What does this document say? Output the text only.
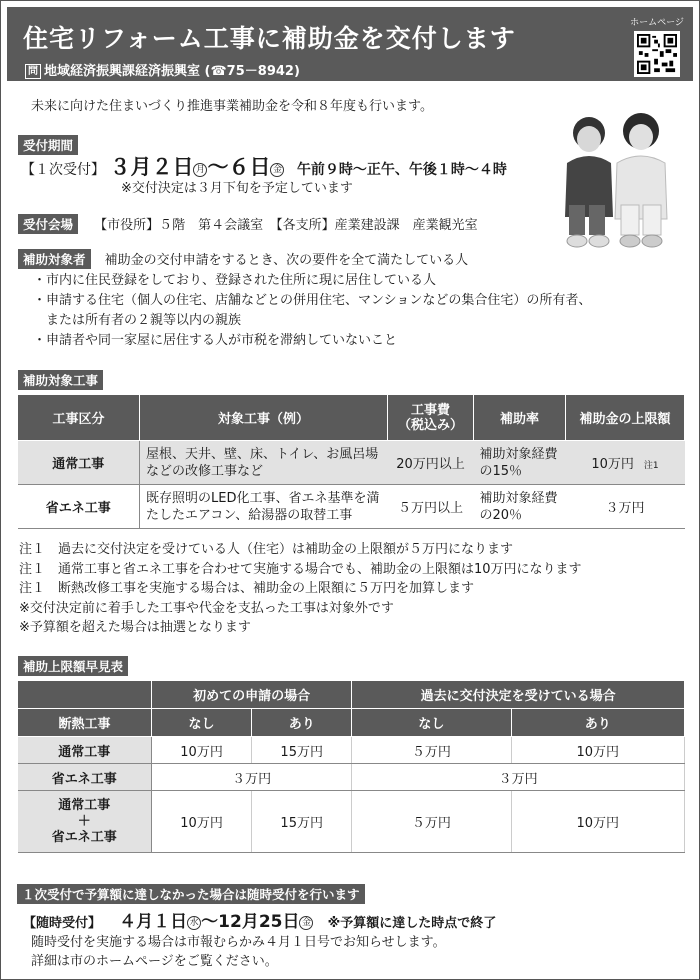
住宅リフォーム工事に補助金を交付します
問 地域経済振興課経済振興室 (☎75－8942)
ホームページ
未来に向けた住まいづくり推進事業補助金を令和８年度も行います。
受付期間
【１次受付】 ３月２日 月 ～６日 金 午前９時～正午、午後１時～４時
※交付決定は３月下旬を予定しています
受付会場 【市役所】５階　第４会議室　【各支所】産業建設課　産業観光室
補助対象者 補助金の交付申請をするとき、次の要件を全て満たしている人
・市内に住民登録をしており、登録された住所に現に居住している人
・申請する住宅（個人の住宅、店舗などとの併用住宅、マンションなどの集合住宅）の所有者、
　または所有者の２親等以内の親族
・申請者や同一家屋に居住する人が市税を滞納していないこと
補助対象工事
工事区分	対象工事（例）	工事費
（税込み）	補助率	補助金の上限額
通常工事	屋根、天井、壁、床、トイレ、お風呂場などの改修工事など	20万円以上	補助対象経費の15％	10万円 注1
省エネ工事	既存照明のLED化工事、省エネ基準を満たしたエアコン、給湯器の取替工事	５万円以上	補助対象経費の20％	３万円
注１　過去に交付決定を受けている人（住宅）は補助金の上限額が５万円になります
注１　通常工事と省エネ工事を合わせて実施する場合でも、補助金の上限額は10万円になります
注１　断熱改修工事を実施する場合は、補助金の上限額に５万円を加算します
※交付決定前に着手した工事や代金を支払った工事は対象外です
※予算額を超えた場合は抽選となります
補助上限額早見表
	初めての申請の場合		過去に交付決定を受けている場合	
断熱工事	なし	あり	なし	あり
通常工事	10万円	15万円	５万円	10万円
省エネ工事	３万円		３万円	

通常工事
＋
省エネ工事	10万円	15万円	５万円	10万円
１次受付で予算額に達しなかった場合は随時受付を行います
【随時受付】 ４月１日 水 ～12月25日 金 ※予算額に達した時点で終了
随時受付を実施する場合は市報むらかみ４月１日号でお知らせします。
詳細は市のホームページをご覧ください。
